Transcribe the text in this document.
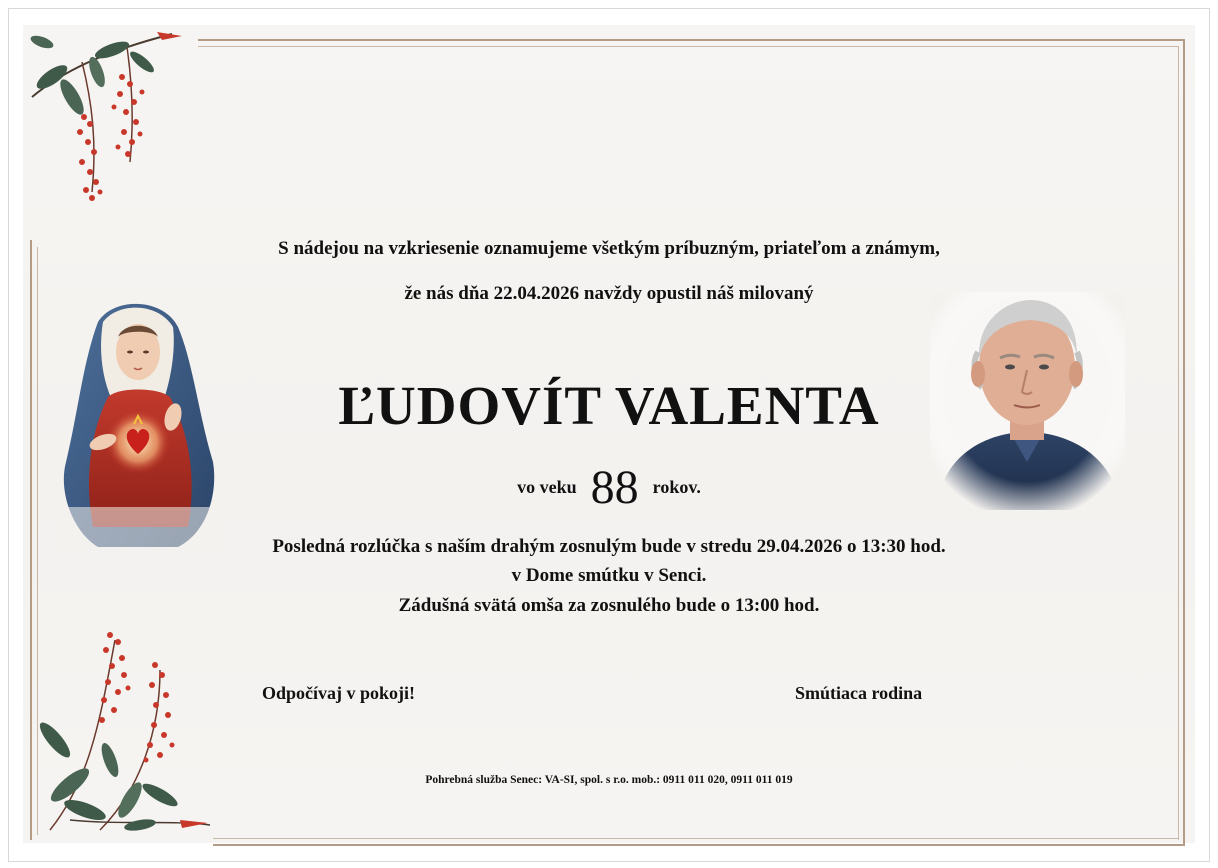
S nádejou na vzkriesenie oznamujeme všetkým príbuzným, priateľom a známym,
že nás dňa 22.04.2026 navždy opustil náš milovaný
ĽUDOVÍT VALENTA
vo veku 88 rokov.
Posledná rozlúčka s naším drahým zosnulým bude v stredu 29.04.2026 o 13:30 hod.
v Dome smútku v Senci.
Zádušná svätá omša za zosnulého bude o 13:00 hod.
Odpočívaj v pokoji!	Smútiaca rodina
Pohrebná služba Senec: VA-SI, spol. s r.o. mob.: 0911 011 020, 0911 011 019
